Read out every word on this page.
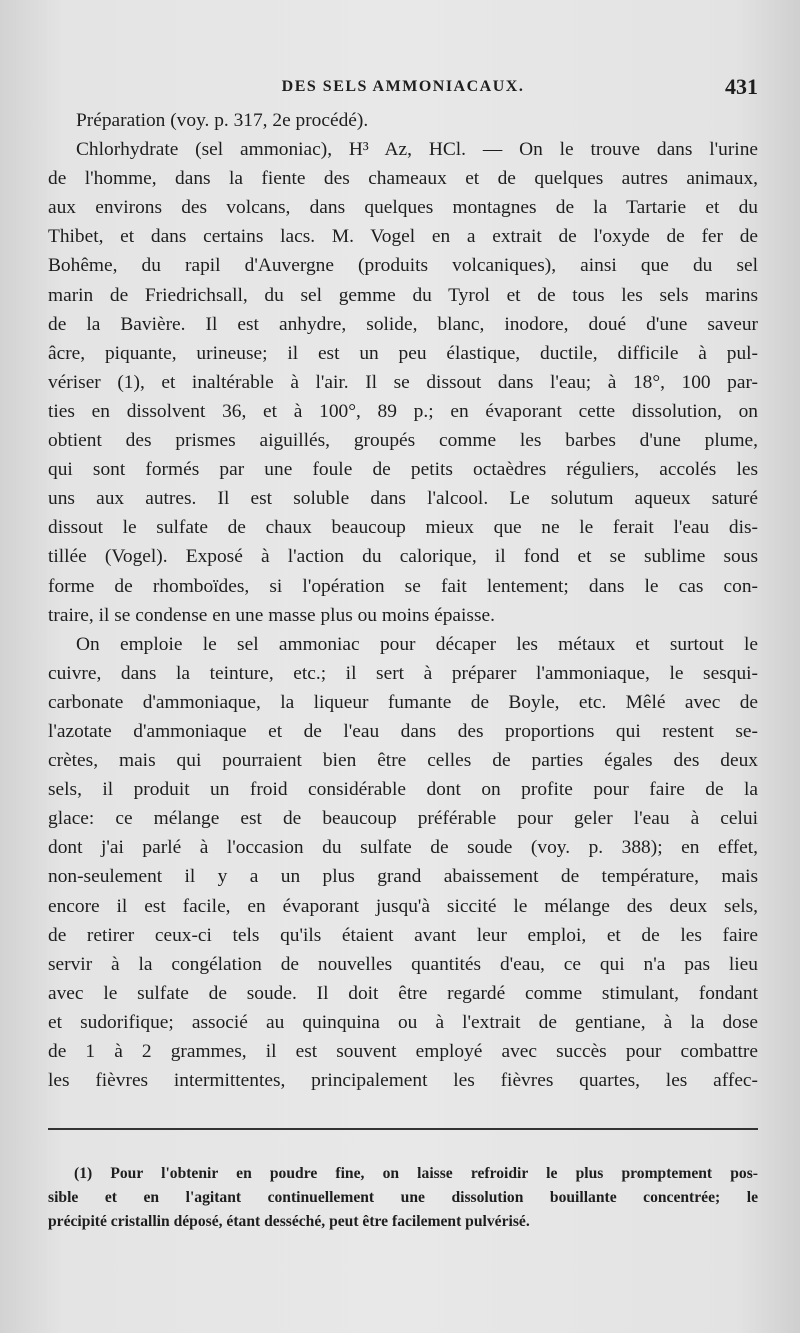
DES SELS AMMONIACAUX.	431
Préparation (voy. p. 317, 2e procédé).
Chlorhydrate (sel ammoniac), H³ Az, HCl. — On le trouve dans l'urine
de l'homme, dans la fiente des chameaux et de quelques autres animaux,
aux environs des volcans, dans quelques montagnes de la Tartarie et du
Thibet, et dans certains lacs. M. Vogel en a extrait de l'oxyde de fer de
Bohême, du rapil d'Auvergne (produits volcaniques), ainsi que du sel
marin de Friedrichsall, du sel gemme du Tyrol et de tous les sels marins
de la Bavière. Il est anhydre, solide, blanc, inodore, doué d'une saveur
âcre, piquante, urineuse; il est un peu élastique, ductile, difficile à pul-
vériser (1), et inaltérable à l'air. Il se dissout dans l'eau; à 18°, 100 par-
ties en dissolvent 36, et à 100°, 89 p.; en évaporant cette dissolution, on
obtient des prismes aiguillés, groupés comme les barbes d'une plume,
qui sont formés par une foule de petits octaèdres réguliers, accolés les
uns aux autres. Il est soluble dans l'alcool. Le solutum aqueux saturé
dissout le sulfate de chaux beaucoup mieux que ne le ferait l'eau dis-
tillée (Vogel). Exposé à l'action du calorique, il fond et se sublime sous
forme de rhomboïdes, si l'opération se fait lentement; dans le cas con-
traire, il se condense en une masse plus ou moins épaisse.
On emploie le sel ammoniac pour décaper les métaux et surtout le
cuivre, dans la teinture, etc.; il sert à préparer l'ammoniaque, le sesqui-
carbonate d'ammoniaque, la liqueur fumante de Boyle, etc. Mêlé avec de
l'azotate d'ammoniaque et de l'eau dans des proportions qui restent se-
crètes, mais qui pourraient bien être celles de parties égales des deux
sels, il produit un froid considérable dont on profite pour faire de la
glace: ce mélange est de beaucoup préférable pour geler l'eau à celui
dont j'ai parlé à l'occasion du sulfate de soude (voy. p. 388); en effet,
non-seulement il y a un plus grand abaissement de température, mais
encore il est facile, en évaporant jusqu'à siccité le mélange des deux sels,
de retirer ceux-ci tels qu'ils étaient avant leur emploi, et de les faire
servir à la congélation de nouvelles quantités d'eau, ce qui n'a pas lieu
avec le sulfate de soude. Il doit être regardé comme stimulant, fondant
et sudorifique; associé au quinquina ou à l'extrait de gentiane, à la dose
de 1 à 2 grammes, il est souvent employé avec succès pour combattre
les fièvres intermittentes, principalement les fièvres quartes, les affec-
(1) Pour l'obtenir en poudre fine, on laisse refroidir le plus promptement pos-
sible et en l'agitant continuellement une dissolution bouillante concentrée; le
précipité cristallin déposé, étant desséché, peut être facilement pulvérisé.
